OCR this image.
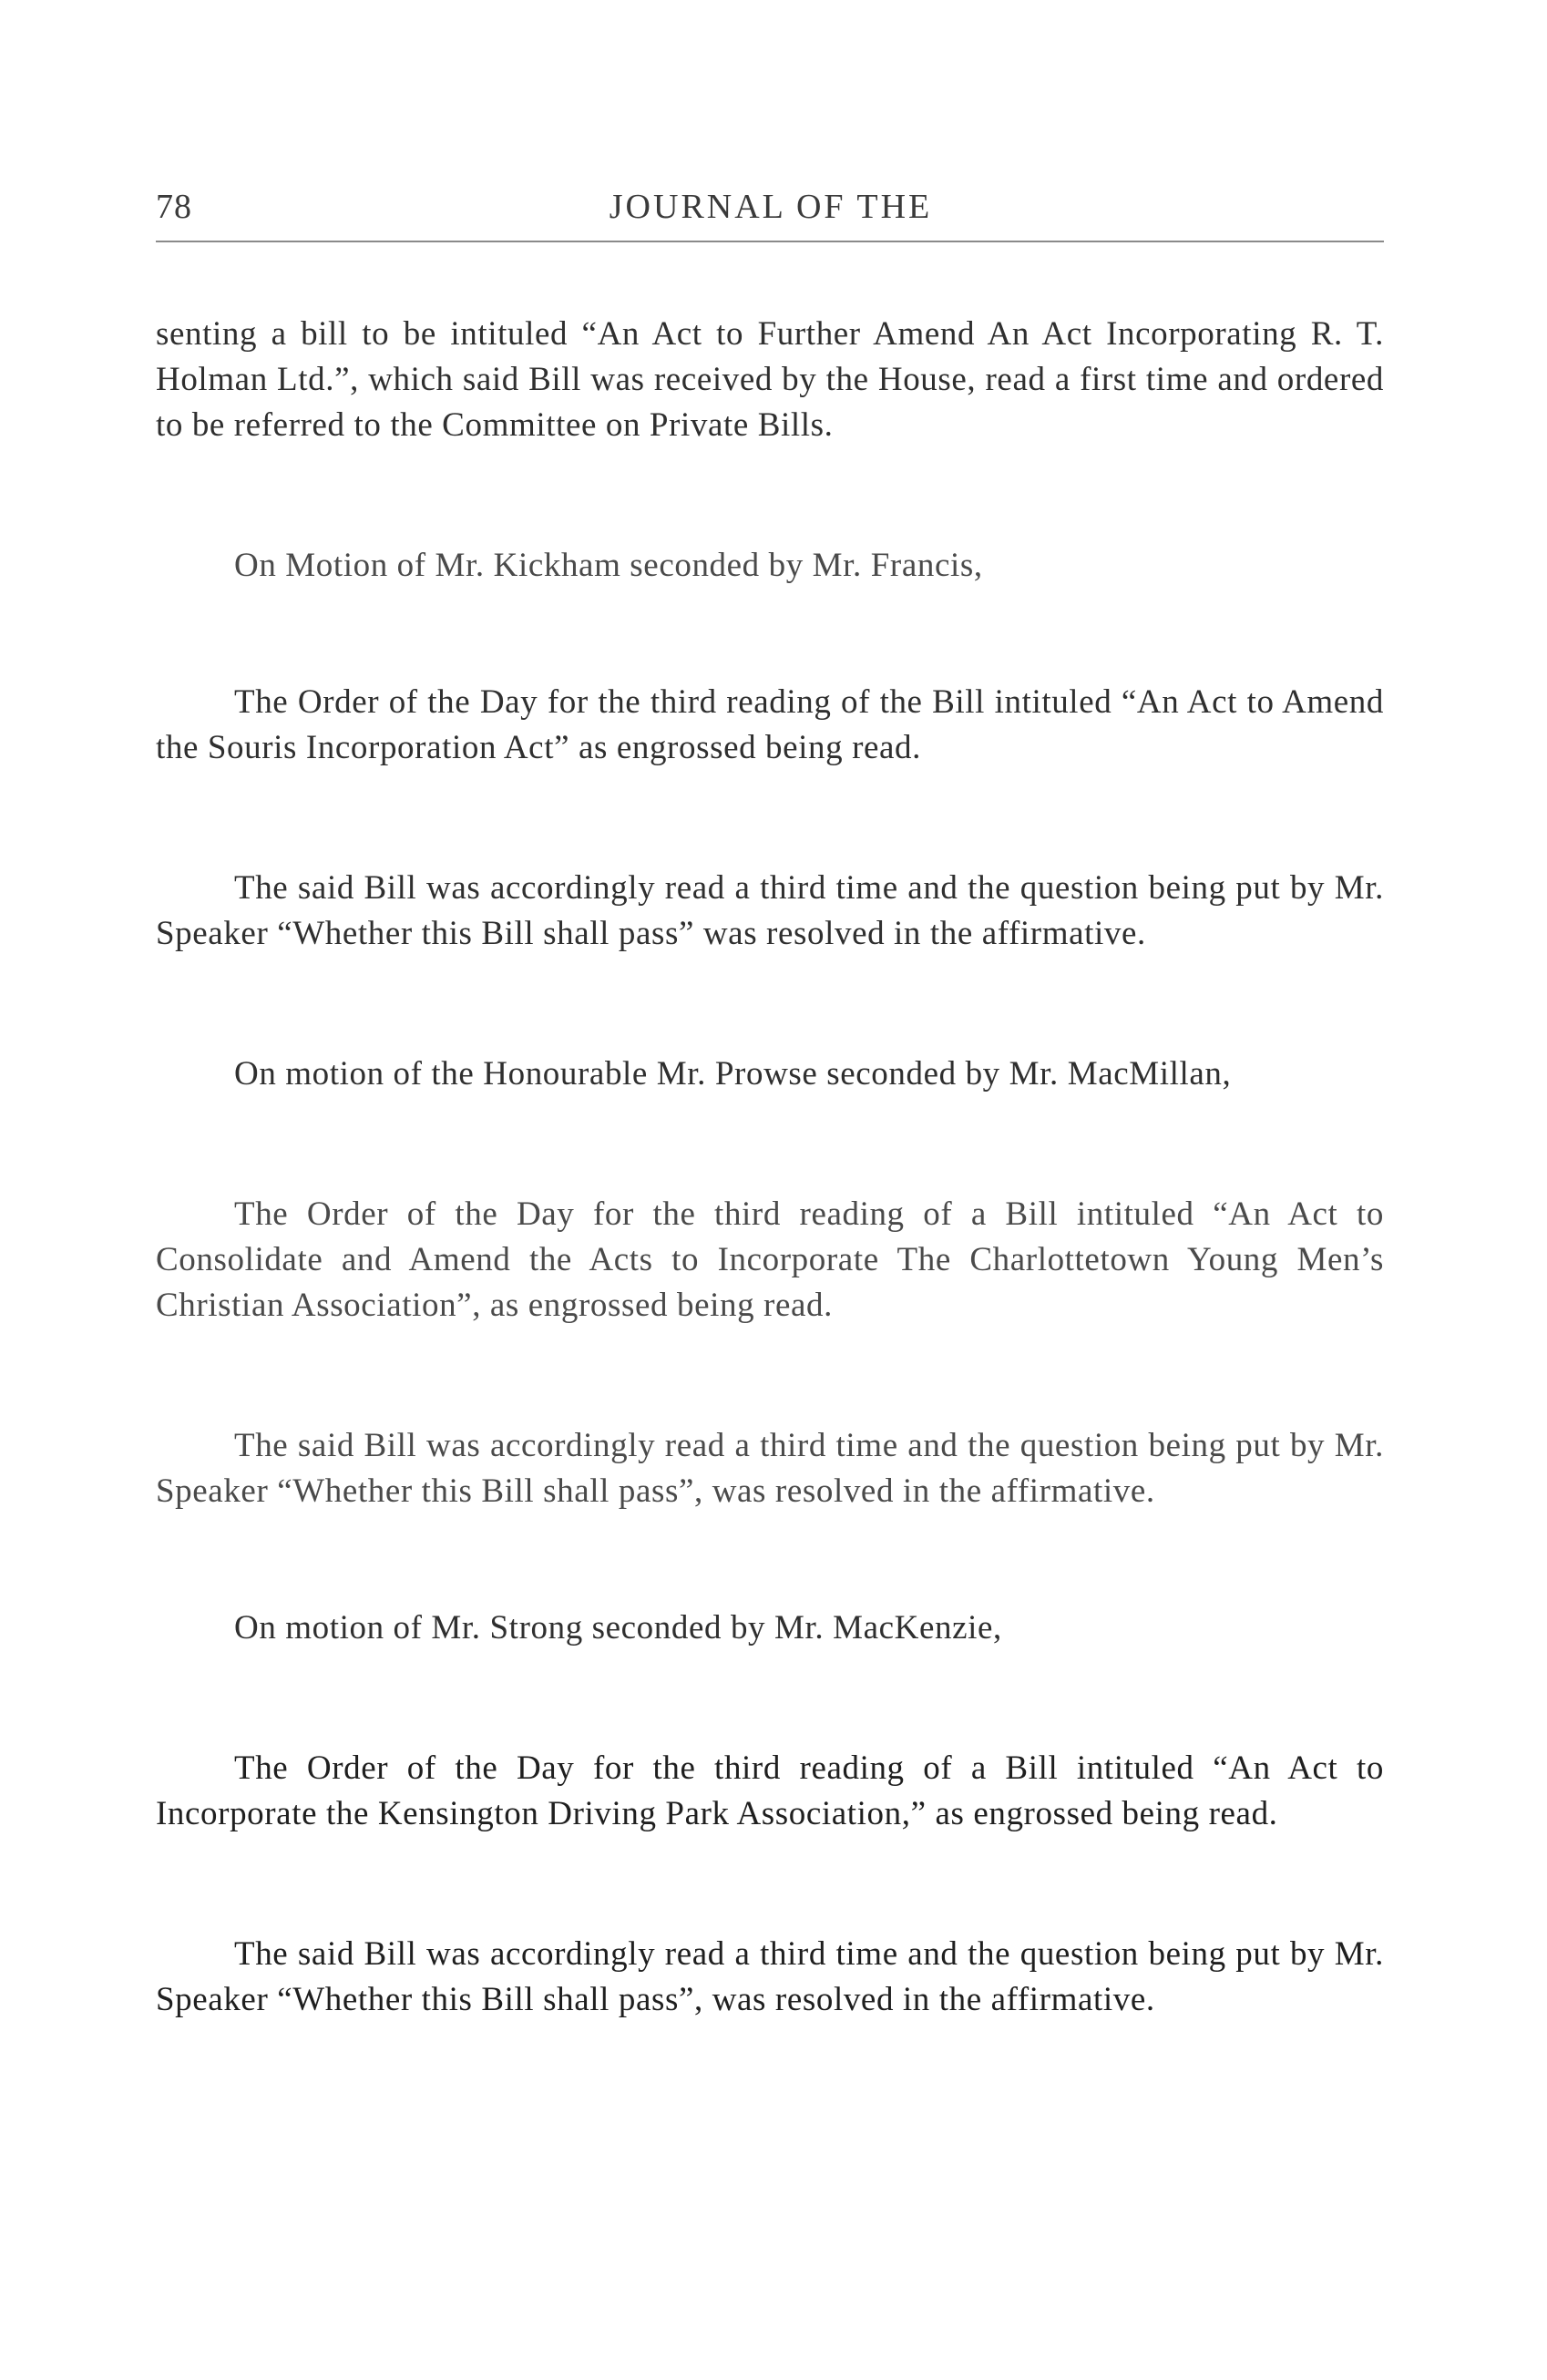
78	JOURNAL OF THE

senting a bill to be intituled “An Act to Further Amend An Act Incorporating R. T. Holman Ltd.”, which said Bill was received by the House, read a first time and ordered to be referred to the Committee on Private Bills.

On Motion of Mr. Kickham seconded by Mr. Francis,

The Order of the Day for the third reading of the Bill intituled “An Act to Amend the Souris Incorporation Act” as engrossed being read.

The said Bill was accordingly read a third time and the question being put by Mr. Speaker “Whether this Bill shall pass” was resolved in the affirmative.

On motion of the Honourable Mr. Prowse seconded by Mr. MacMillan,

The Order of the Day for the third reading of a Bill intituled “An Act to Consolidate and Amend the Acts to Incorporate The Charlottetown Young Men’s Christian Association”, as engrossed being read.

The said Bill was accordingly read a third time and the question being put by Mr. Speaker “Whether this Bill shall pass”, was resolved in the affirmative.

On motion of Mr. Strong seconded by Mr. MacKenzie,

The Order of the Day for the third reading of a Bill intituled “An Act to Incorporate the Kensington Driving Park Association,” as engrossed being read.

The said Bill was accordingly read a third time and the question being put by Mr. Speaker “Whether this Bill shall pass”, was resolved in the affirmative.
